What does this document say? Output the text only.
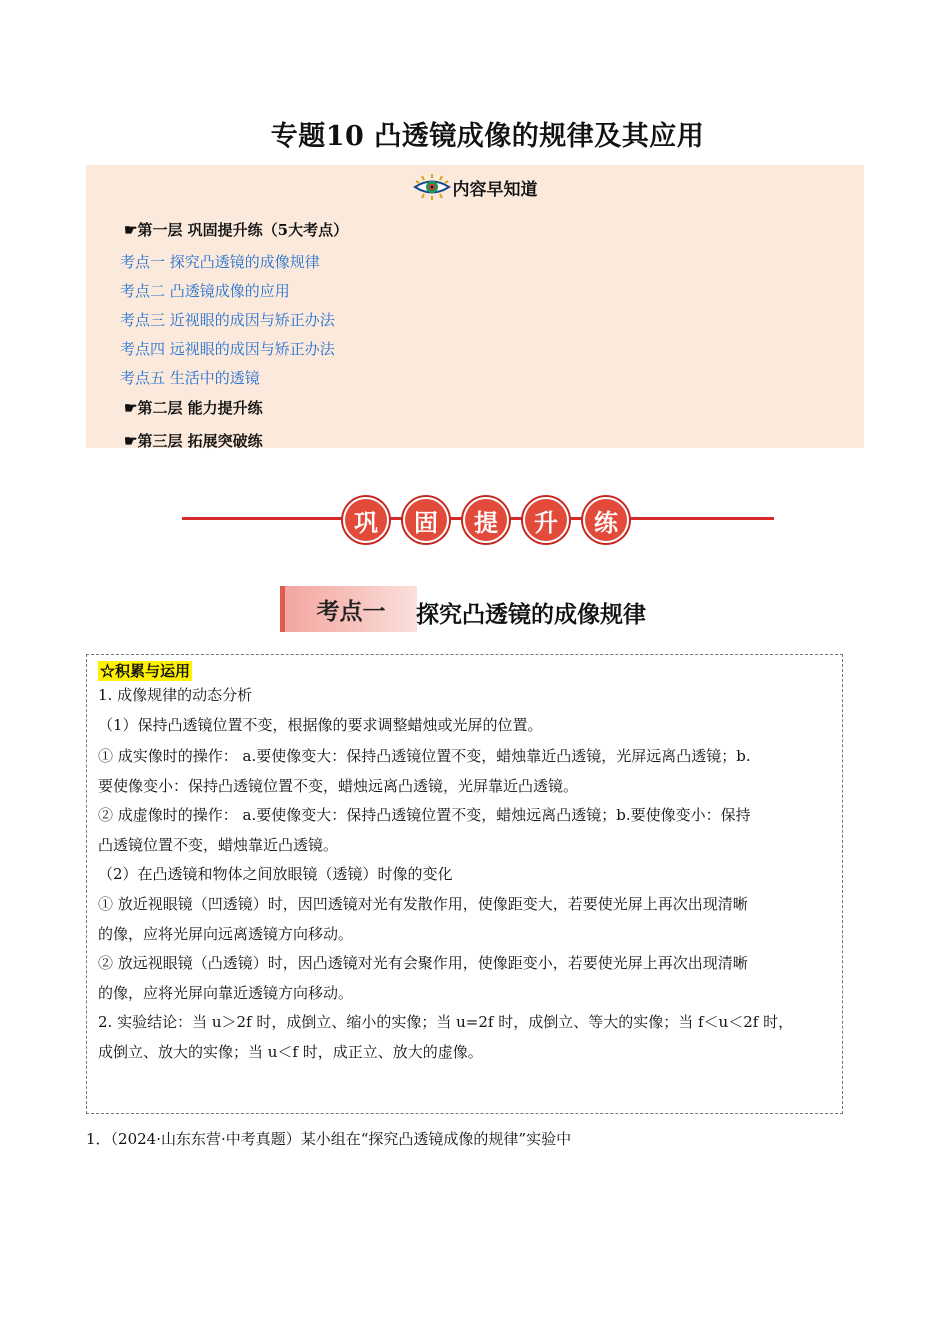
专题10 凸透镜成像的规律及其应用
内容早知道
☛第一层 巩固提升练（5大考点）
考点一 探究凸透镜的成像规律
考点二 凸透镜成像的应用
考点三 近视眼的成因与矫正办法
考点四 远视眼的成因与矫正办法
考点五 生活中的透镜
☛第二层 能力提升练
☛第三层 拓展突破练
巩	固	提	升	练
考点一	探究凸透镜的成像规律
☆积累与运用
1. 成像规律的动态分析
（1）保持凸透镜位置不变，根据像的要求调整蜡烛或光屏的位置。
① 成实像时的操作： a.要使像变大：保持凸透镜位置不变，蜡烛靠近凸透镜，光屏远离凸透镜；b.
要使像变小：保持凸透镜位置不变，蜡烛远离凸透镜，光屏靠近凸透镜。
② 成虚像时的操作： a.要使像变大：保持凸透镜位置不变，蜡烛远离凸透镜；b.要使像变小：保持
凸透镜位置不变，蜡烛靠近凸透镜。
（2）在凸透镜和物体之间放眼镜（透镜）时像的变化
① 放近视眼镜（凹透镜）时，因凹透镜对光有发散作用，使像距变大，若要使光屏上再次出现清晰
的像，应将光屏向远离透镜方向移动。
② 放远视眼镜（凸透镜）时，因凸透镜对光有会聚作用，使像距变小，若要使光屏上再次出现清晰
的像，应将光屏向靠近透镜方向移动。
2. 实验结论：当 u＞2f 时，成倒立、缩小的实像；当 u=2f 时，成倒立、等大的实像；当 f＜u＜2f 时，
成倒立、放大的实像；当 u＜f 时，成正立、放大的虚像。
1．（2024·山东东营·中考真题）某小组在“探究凸透镜成像的规律”实验中
